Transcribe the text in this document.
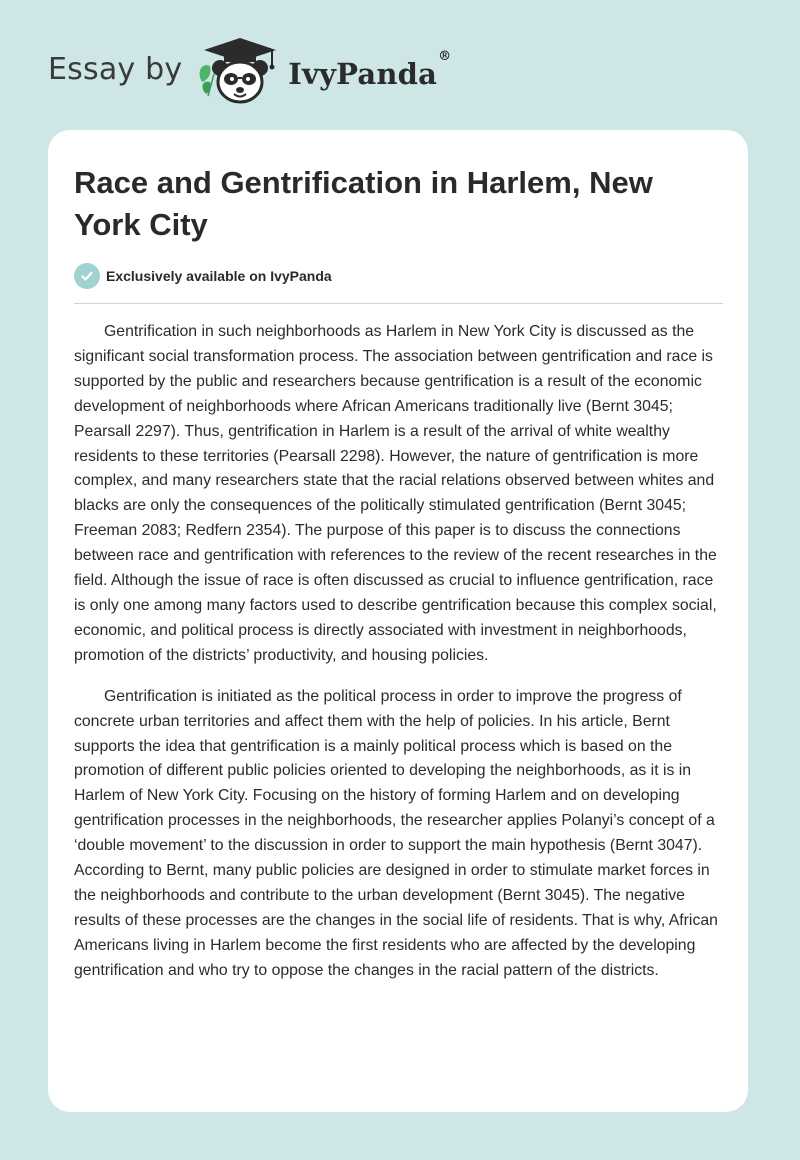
Essay by	IvyPanda®
Race and Gentrification in Harlem, New York City
Exclusively available on IvyPanda

Gentrification in such neighborhoods as Harlem in New York City is discussed as the significant social transformation process. The association between gentrification and race is supported by the public and researchers because gentrification is a result of the economic development of neighborhoods where African Americans traditionally live (Bernt 3045; Pearsall 2297). Thus, gentrification in Harlem is a result of the arrival of white wealthy residents to these territories (Pearsall 2298). However, the nature of gentrification is more complex, and many researchers state that the racial relations observed between whites and blacks are only the consequences of the politically stimulated gentrification (Bernt 3045; Freeman 2083; Redfern 2354). The purpose of this paper is to discuss the connections between race and gentrification with references to the review of the recent researches in the field. Although the issue of race is often discussed as crucial to influence gentrification, race is only one among many factors used to describe gentrification because this complex social, economic, and political process is directly associated with investment in neighborhoods, promotion of the districts’ productivity, and housing policies.

Gentrification is initiated as the political process in order to improve the progress of concrete urban territories and affect them with the help of policies. In his article, Bernt supports the idea that gentrification is a mainly political process which is based on the promotion of different public policies oriented to developing the neighborhoods, as it is in Harlem of New York City. Focusing on the history of forming Harlem and on developing gentrification processes in the neighborhoods, the researcher applies Polanyi’s concept of a ‘double movement’ to the discussion in order to support the main hypothesis (Bernt 3047). According to Bernt, many public policies are designed in order to stimulate market forces in the neighborhoods and contribute to the urban development (Bernt 3045). The negative results of these processes are the changes in the social life of residents. That is why, African Americans living in Harlem become the first residents who are affected by the developing gentrification and who try to oppose the changes in the racial pattern of the districts.
